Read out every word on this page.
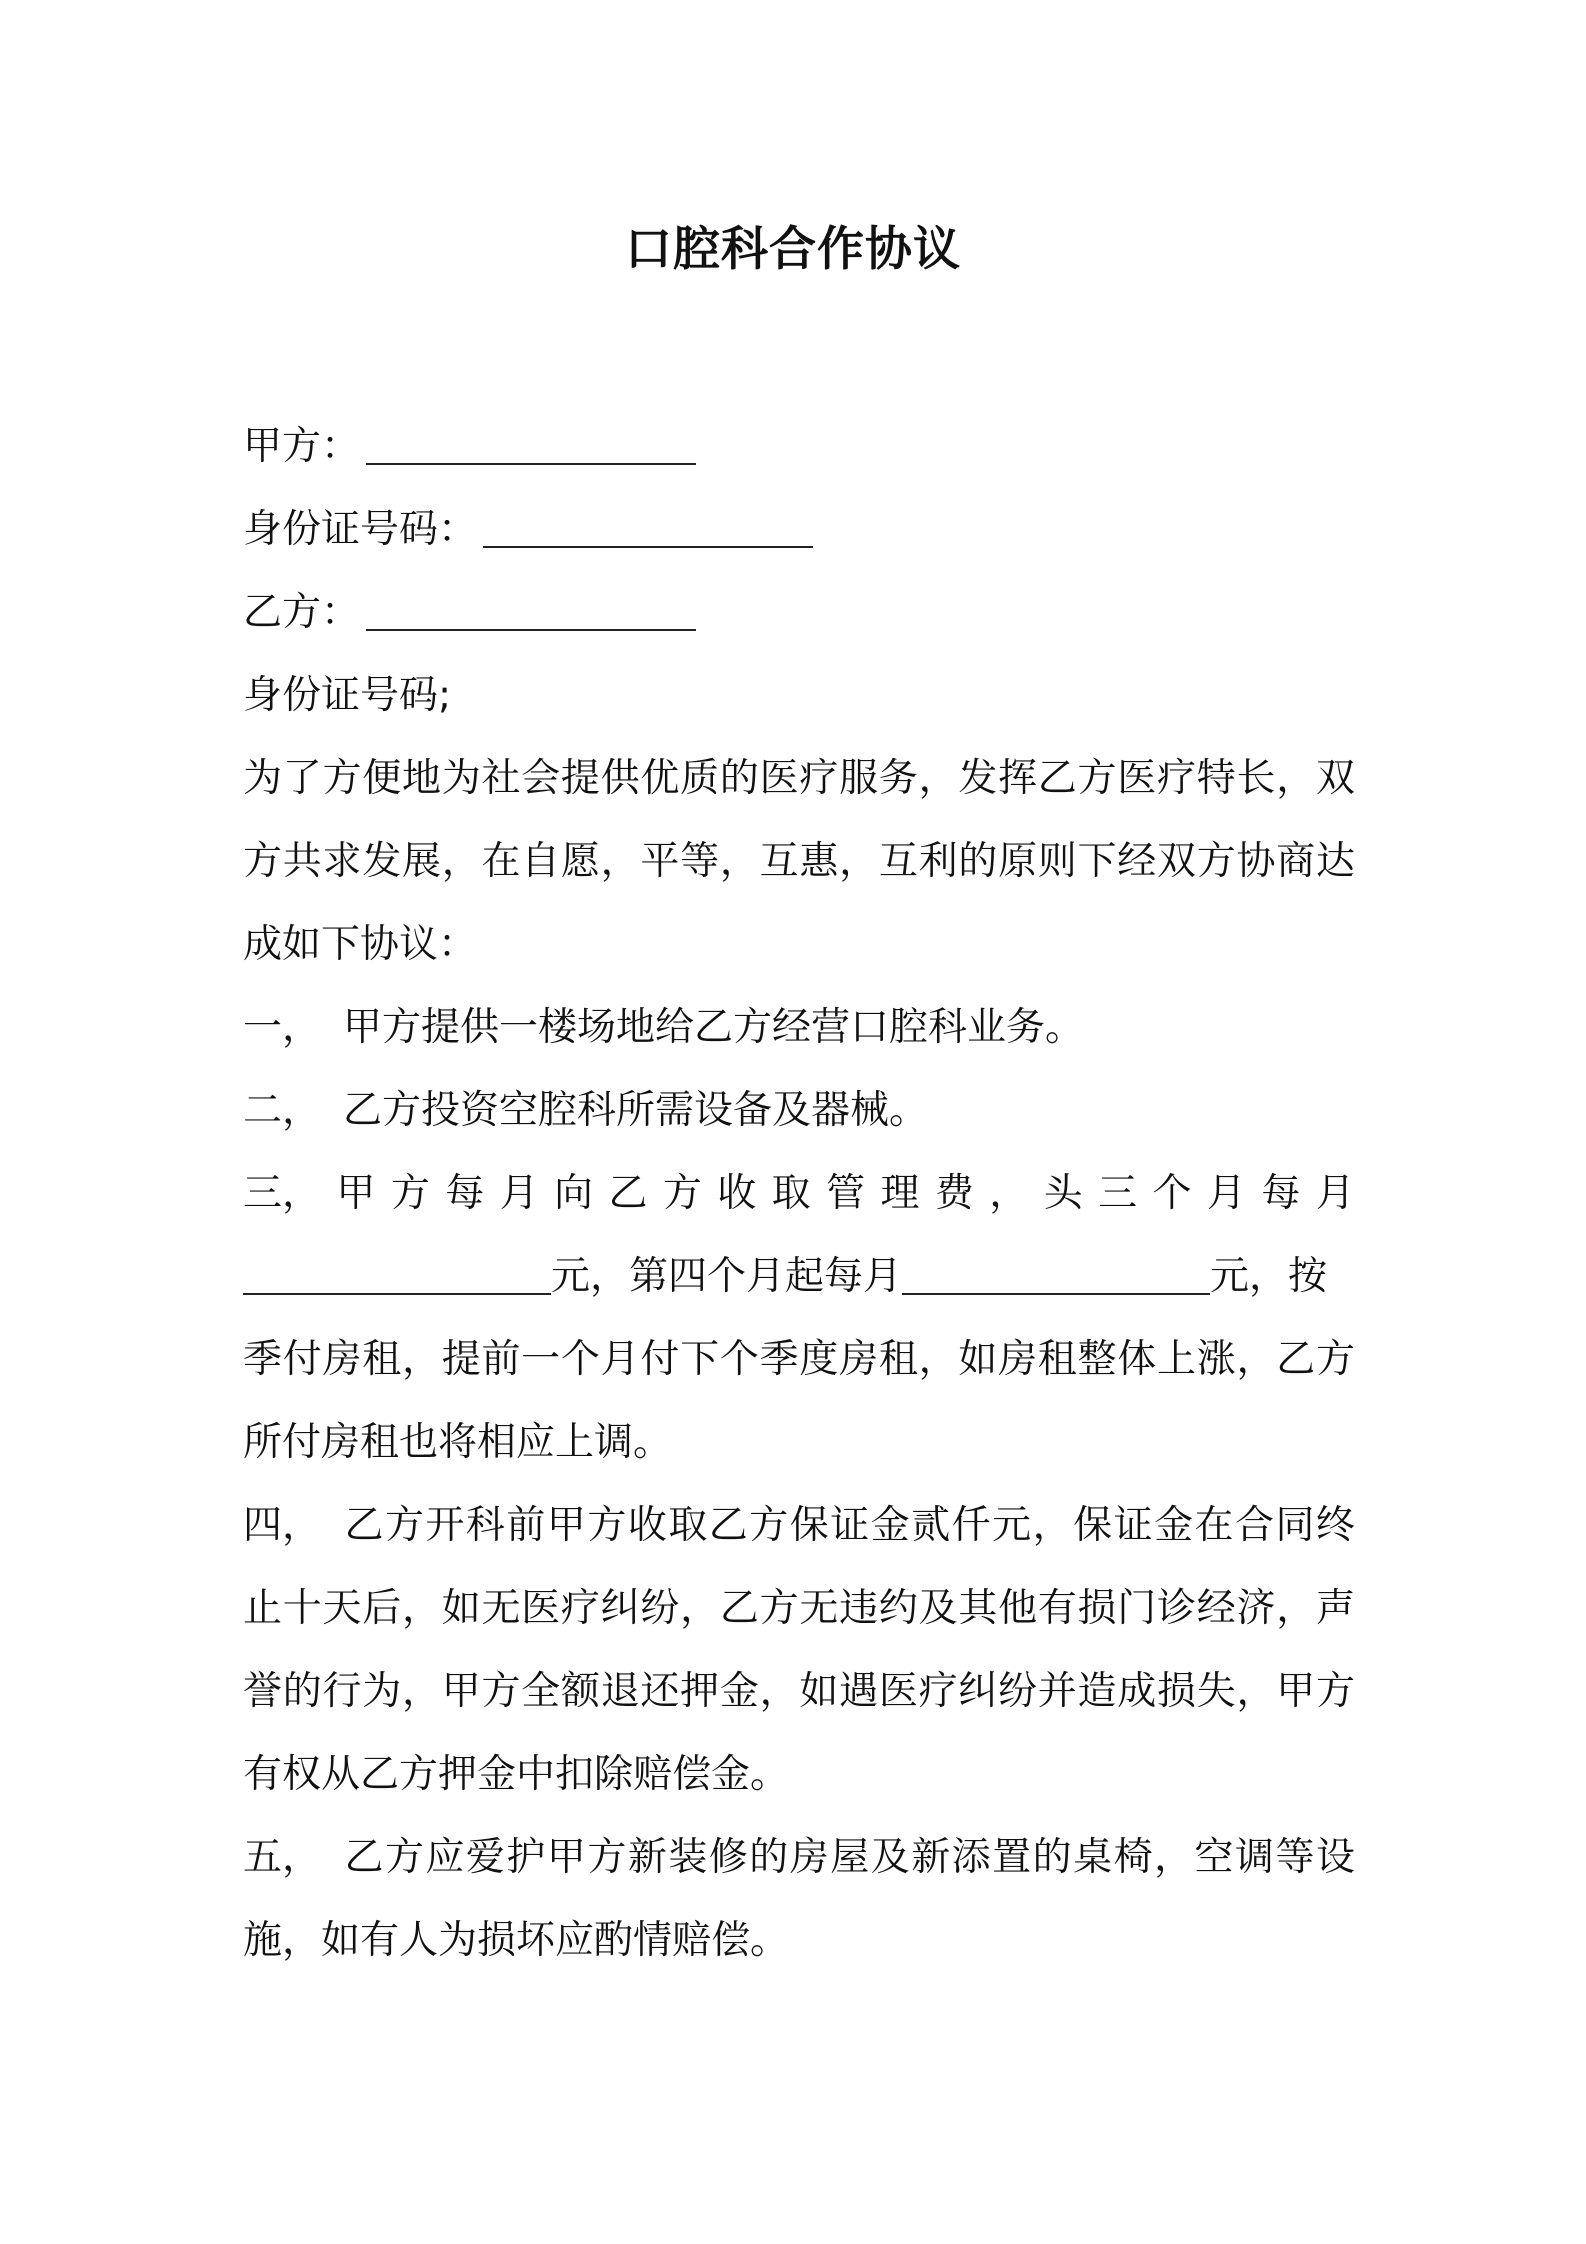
口腔科合作协议
甲方：
身份证号码：
乙方：
身份证号码;
为了方便地为社会提供优质的医疗服务，发挥乙方医疗特长，双方共求发展，在自愿，平等，互惠，互利的原则下经双方协商达成如下协议：
一， 甲方提供一楼场地给乙方经营口腔科业务。
二， 乙方投资空腔科所需设备及器械。
三， 甲 方 每 月 向 乙 方 收 取 管 理 费 ， 头 三 个 月 每 月
元，第四个月起每月	元，按
季付房租，提前一个月付下个季度房租，如房租整体上涨，乙方所付房租也将相应上调。
四， 乙方开科前甲方收取乙方保证金贰仟元，保证金在合同终止十天后，如无医疗纠纷，乙方无违约及其他有损门诊经济，声誉的行为，甲方全额退还押金，如遇医疗纠纷并造成损失，甲方有权从乙方押金中扣除赔偿金。
五， 乙方应爱护甲方新装修的房屋及新添置的桌椅，空调等设施，如有人为损坏应酌情赔偿。
